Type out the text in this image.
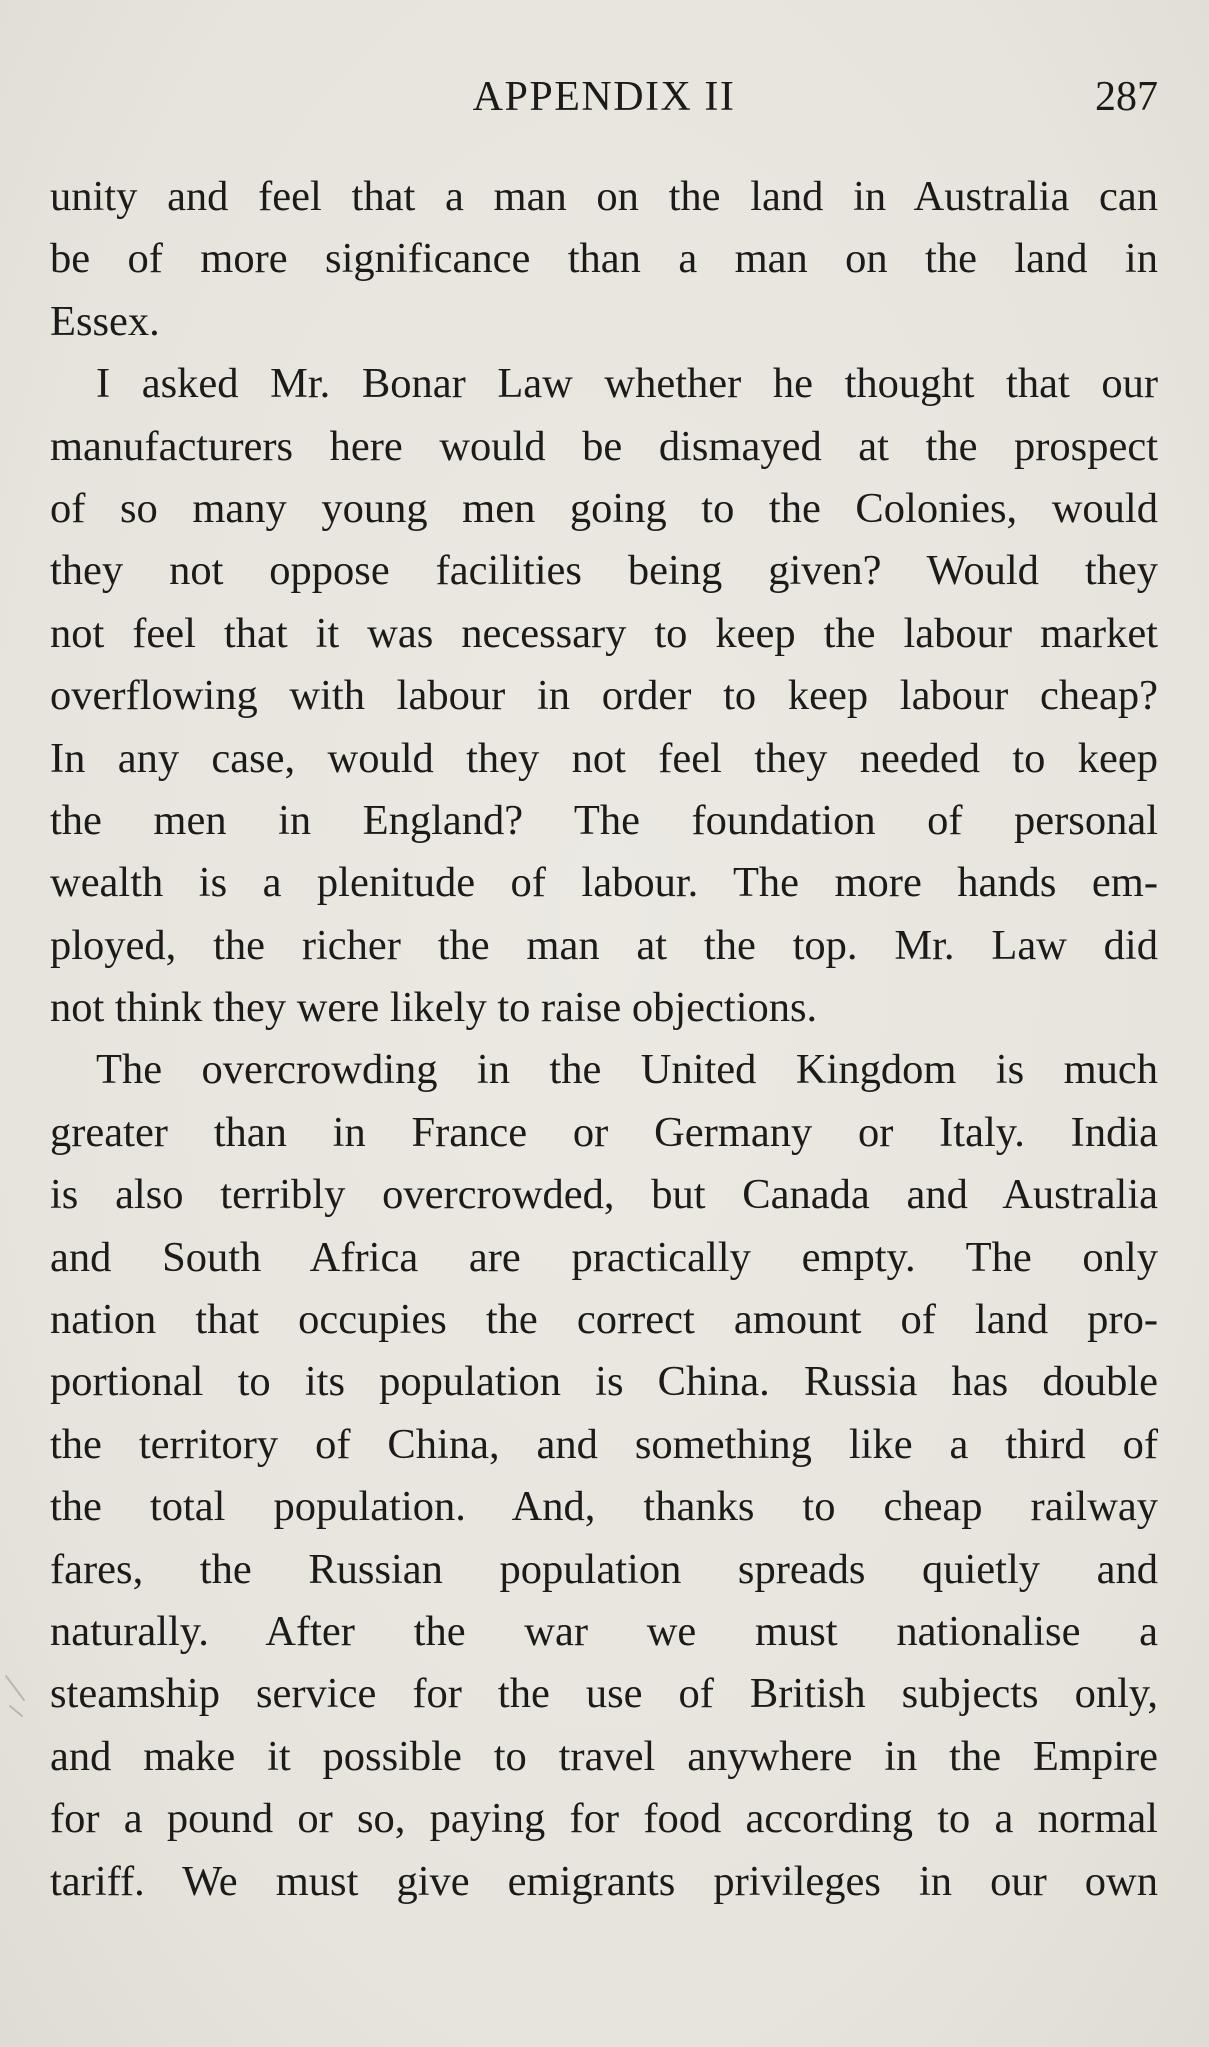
APPENDIX II	287
unity and feel that a man on the land in Australia can
be of more significance than a man on the land in
Essex.
I asked Mr. Bonar Law whether he thought that our
manufacturers here would be dismayed at the prospect
of so many young men going to the Colonies, would
they not oppose facilities being given? Would they
not feel that it was necessary to keep the labour market
overflowing with labour in order to keep labour cheap?
In any case, would they not feel they needed to keep
the men in England? The foundation of personal
wealth is a plenitude of labour. The more hands em-
ployed, the richer the man at the top. Mr. Law did
not think they were likely to raise objections.
The overcrowding in the United Kingdom is much
greater than in France or Germany or Italy. India
is also terribly overcrowded, but Canada and Australia
and South Africa are practically empty. The only
nation that occupies the correct amount of land pro-
portional to its population is China. Russia has double
the territory of China, and something like a third of
the total population. And, thanks to cheap railway
fares, the Russian population spreads quietly and
naturally. After the war we must nationalise a
steamship service for the use of British subjects only,
and make it possible to travel anywhere in the Empire
for a pound or so, paying for food according to a normal
tariff. We must give emigrants privileges in our own
